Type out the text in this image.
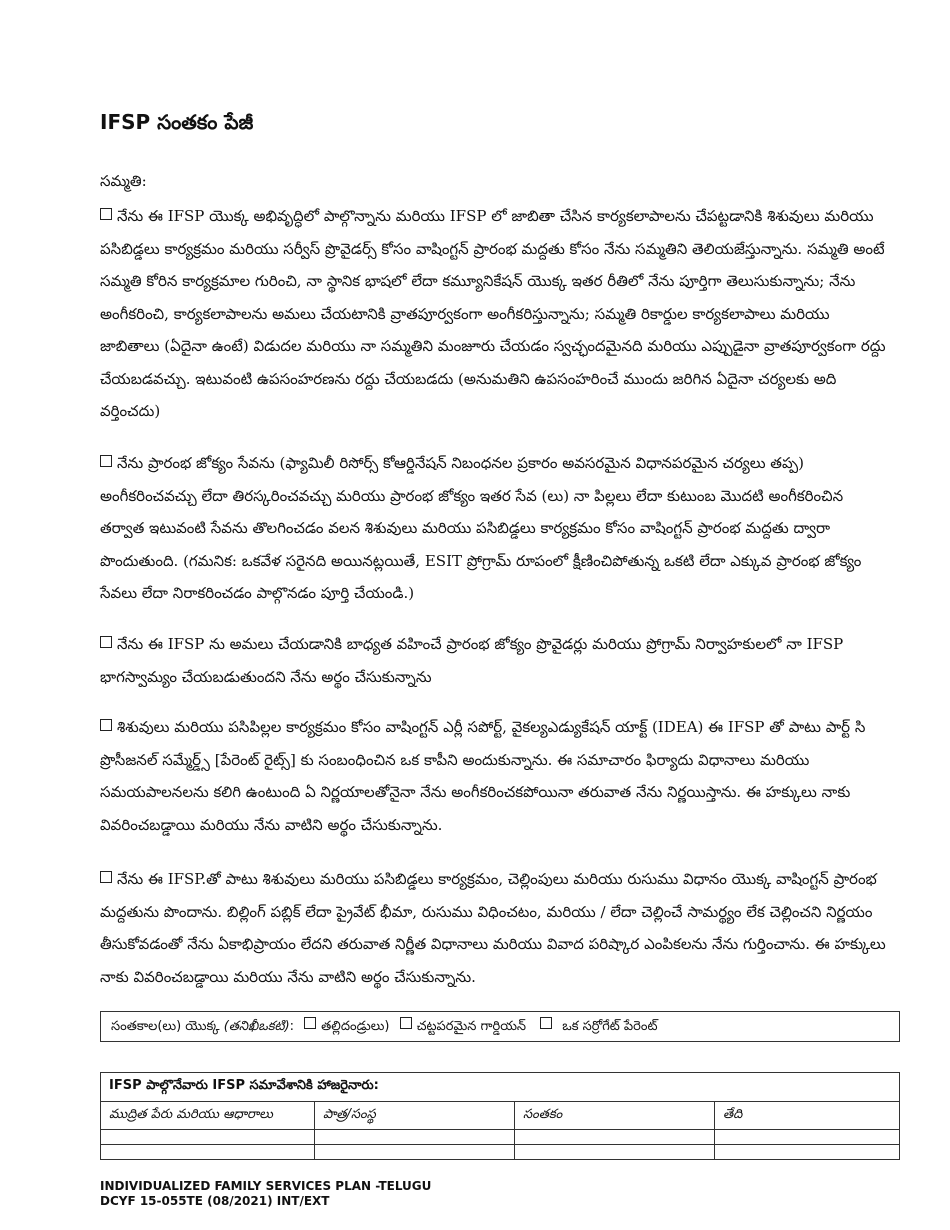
IFSP సంతకం పేజీ
సమ్మతి:

నేను ఈ IFSP యొక్క అభివృద్ధిలో పాల్గొన్నాను మరియు IFSP లో జాబితా చేసిన కార్యకలాపాలను చేపట్టడానికి శిశువులు మరియు పసిబిడ్డలు కార్యక్రమం మరియు సర్వీస్ ప్రొవైడర్స్ కోసం వాషింగ్టన్ ప్రారంభ మద్దతు కోసం నేను సమ్మతిని తెలియజేస్తున్నాను. సమ్మతి అంటే సమ్మతి కోరిన కార్యక్రమాల గురించి, నా స్థానిక భాషలో లేదా కమ్యూనికేషన్ యొక్క ఇతర రీతిలో నేను పూర్తిగా తెలుసుకున్నాను; నేను అంగీకరించి, కార్యకలాపాలను అమలు చేయటానికి వ్రాతపూర్వకంగా అంగీకరిస్తున్నాను; సమ్మతి రికార్డుల కార్యకలాపాలు మరియు జాబితాలు (ఏదైనా ఉంటే) విడుదల మరియు నా సమ్మతిని మంజూరు చేయడం స్వచ్ఛందమైనది మరియు ఎప్పుడైనా వ్రాతపూర్వకంగా రద్దు చేయబడవచ్చు. ఇటువంటి ఉపసంహరణను రద్దు చేయబడదు (అనుమతిని ఉపసంహరించే ముందు జరిగిన ఏదైనా చర్యలకు అది వర్తించదు)

నేను ప్రారంభ జోక్యం సేవను (ఫ్యామిలీ రిసోర్స్ కోఆర్డినేషన్ నిబంధనల ప్రకారం అవసరమైన విధానపరమైన చర్యలు తప్ప) అంగీకరించవచ్చు లేదా తిరస్కరించవచ్చు మరియు ప్రారంభ జోక్యం ఇతర సేవ (లు) నా పిల్లలు లేదా కుటుంబ మొదటి అంగీకరించిన తర్వాత ఇటువంటి సేవను తొలగించడం వలన శిశువులు మరియు పసిబిడ్డలు కార్యక్రమం కోసం వాషింగ్టన్ ప్రారంభ మద్దతు ద్వారా పొందుతుంది. (గమనిక: ఒకవేళ సరైనది అయినట్లయితే, ESIT ప్రోగ్రామ్ రూపంలో క్షీణించిపోతున్న ఒకటి లేదా ఎక్కువ ప్రారంభ జోక్యం సేవలు లేదా నిరాకరించడం పాల్గొనడం పూర్తి చేయండి.)

నేను ఈ IFSP ను అమలు చేయడానికి బాధ్యత వహించే ప్రారంభ జోక్యం ప్రొవైడర్లు మరియు ప్రోగ్రామ్ నిర్వాహకులలో నా IFSP భాగస్వామ్యం చేయబడుతుందని నేను అర్థం చేసుకున్నాను

శిశువులు మరియు పసిపిల్లల కార్యక్రమం కోసం వాషింగ్టన్ ఎర్లీ సపోర్ట్, వైకల్యఎడ్యుకేషన్ యాక్ట్ (IDEA) ఈ IFSP తో పాటు పార్ట్ సి ప్రొసీజనల్ సమ్మేర్డ్స్ [పేరెంట్ రైట్స్] కు సంబంధించిన ఒక కాపీని అందుకున్నాను. ఈ సమాచారం ఫిర్యాదు విధానాలు మరియు సమయపాలనలను కలిగి ఉంటుంది ఏ నిర్ణయాలతోనైనా నేను అంగీకరించకపోయినా తరువాత నేను నిర్ణయిస్తాను. ఈ హక్కులు నాకు వివరించబడ్డాయి మరియు నేను వాటిని అర్థం చేసుకున్నాను.

నేను ఈ IFSP.తో పాటు శిశువులు మరియు పసిబిడ్డలు కార్యక్రమం, చెల్లింపులు మరియు రుసుము విధానం యొక్క వాషింగ్టన్ ప్రారంభ మద్దతును పొందాను. బిల్లింగ్ పబ్లిక్ లేదా ప్రైవేట్ భీమా, రుసుము విధించటం, మరియు / లేదా చెల్లించే సామర్థ్యం లేక చెల్లించని నిర్ణయం తీసుకోవడంతో నేను ఏకాభిప్రాయం లేదని తరువాత నిర్ణీత విధానాలు మరియు వివాద పరిష్కార ఎంపికలను నేను గుర్తించాను. ఈ హక్కులు నాకు వివరించబడ్డాయి మరియు నేను వాటిని అర్థం చేసుకున్నాను.

సంతకాల(లు) యొక్క (తనిఖీఒకటి): తల్లిదండ్రులు) చట్టపరమైన గార్డియన్	ఒక సర్రోగేట్ పేరెంట్
IFSP పాల్గొనేవారు IFSP సమావేశానికి హాజరైనారు:			
ముద్రిత పేరు మరియు ఆధారాలు	పాత్ర/సంస్థ	సంతకం	తేది

INDIVIDUALIZED FAMILY SERVICES PLAN -TELUGU
DCYF 15-055TE (08/2021) INT/EXT
